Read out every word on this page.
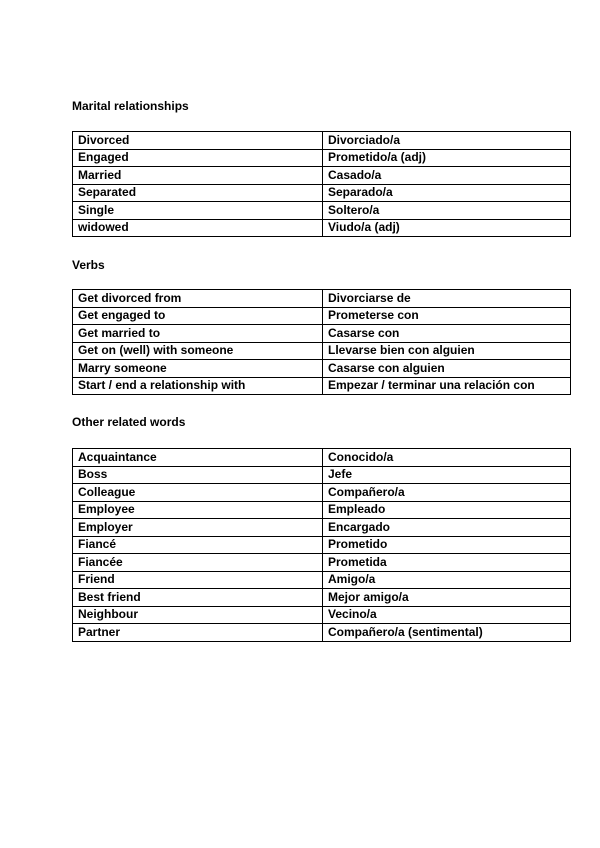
Marital relationships

Divorced	Divorciado/a
Engaged	Prometido/a (adj)
Married	Casado/a
Separated	Separado/a
Single	Soltero/a
widowed	Viudo/a (adj)

Verbs

Get divorced from	Divorciarse de
Get engaged to	Prometerse con
Get married to	Casarse con
Get on (well) with someone	Llevarse bien con alguien
Marry someone	Casarse con alguien
Start / end a relationship with	Empezar / terminar una relación con

Other related words

Acquaintance	Conocido/a
Boss	Jefe
Colleague	Compañero/a
Employee	Empleado
Employer	Encargado
Fiancé	Prometido
Fiancée	Prometida
Friend	Amigo/a
Best friend	Mejor amigo/a
Neighbour	Vecino/a
Partner	Compañero/a (sentimental)
